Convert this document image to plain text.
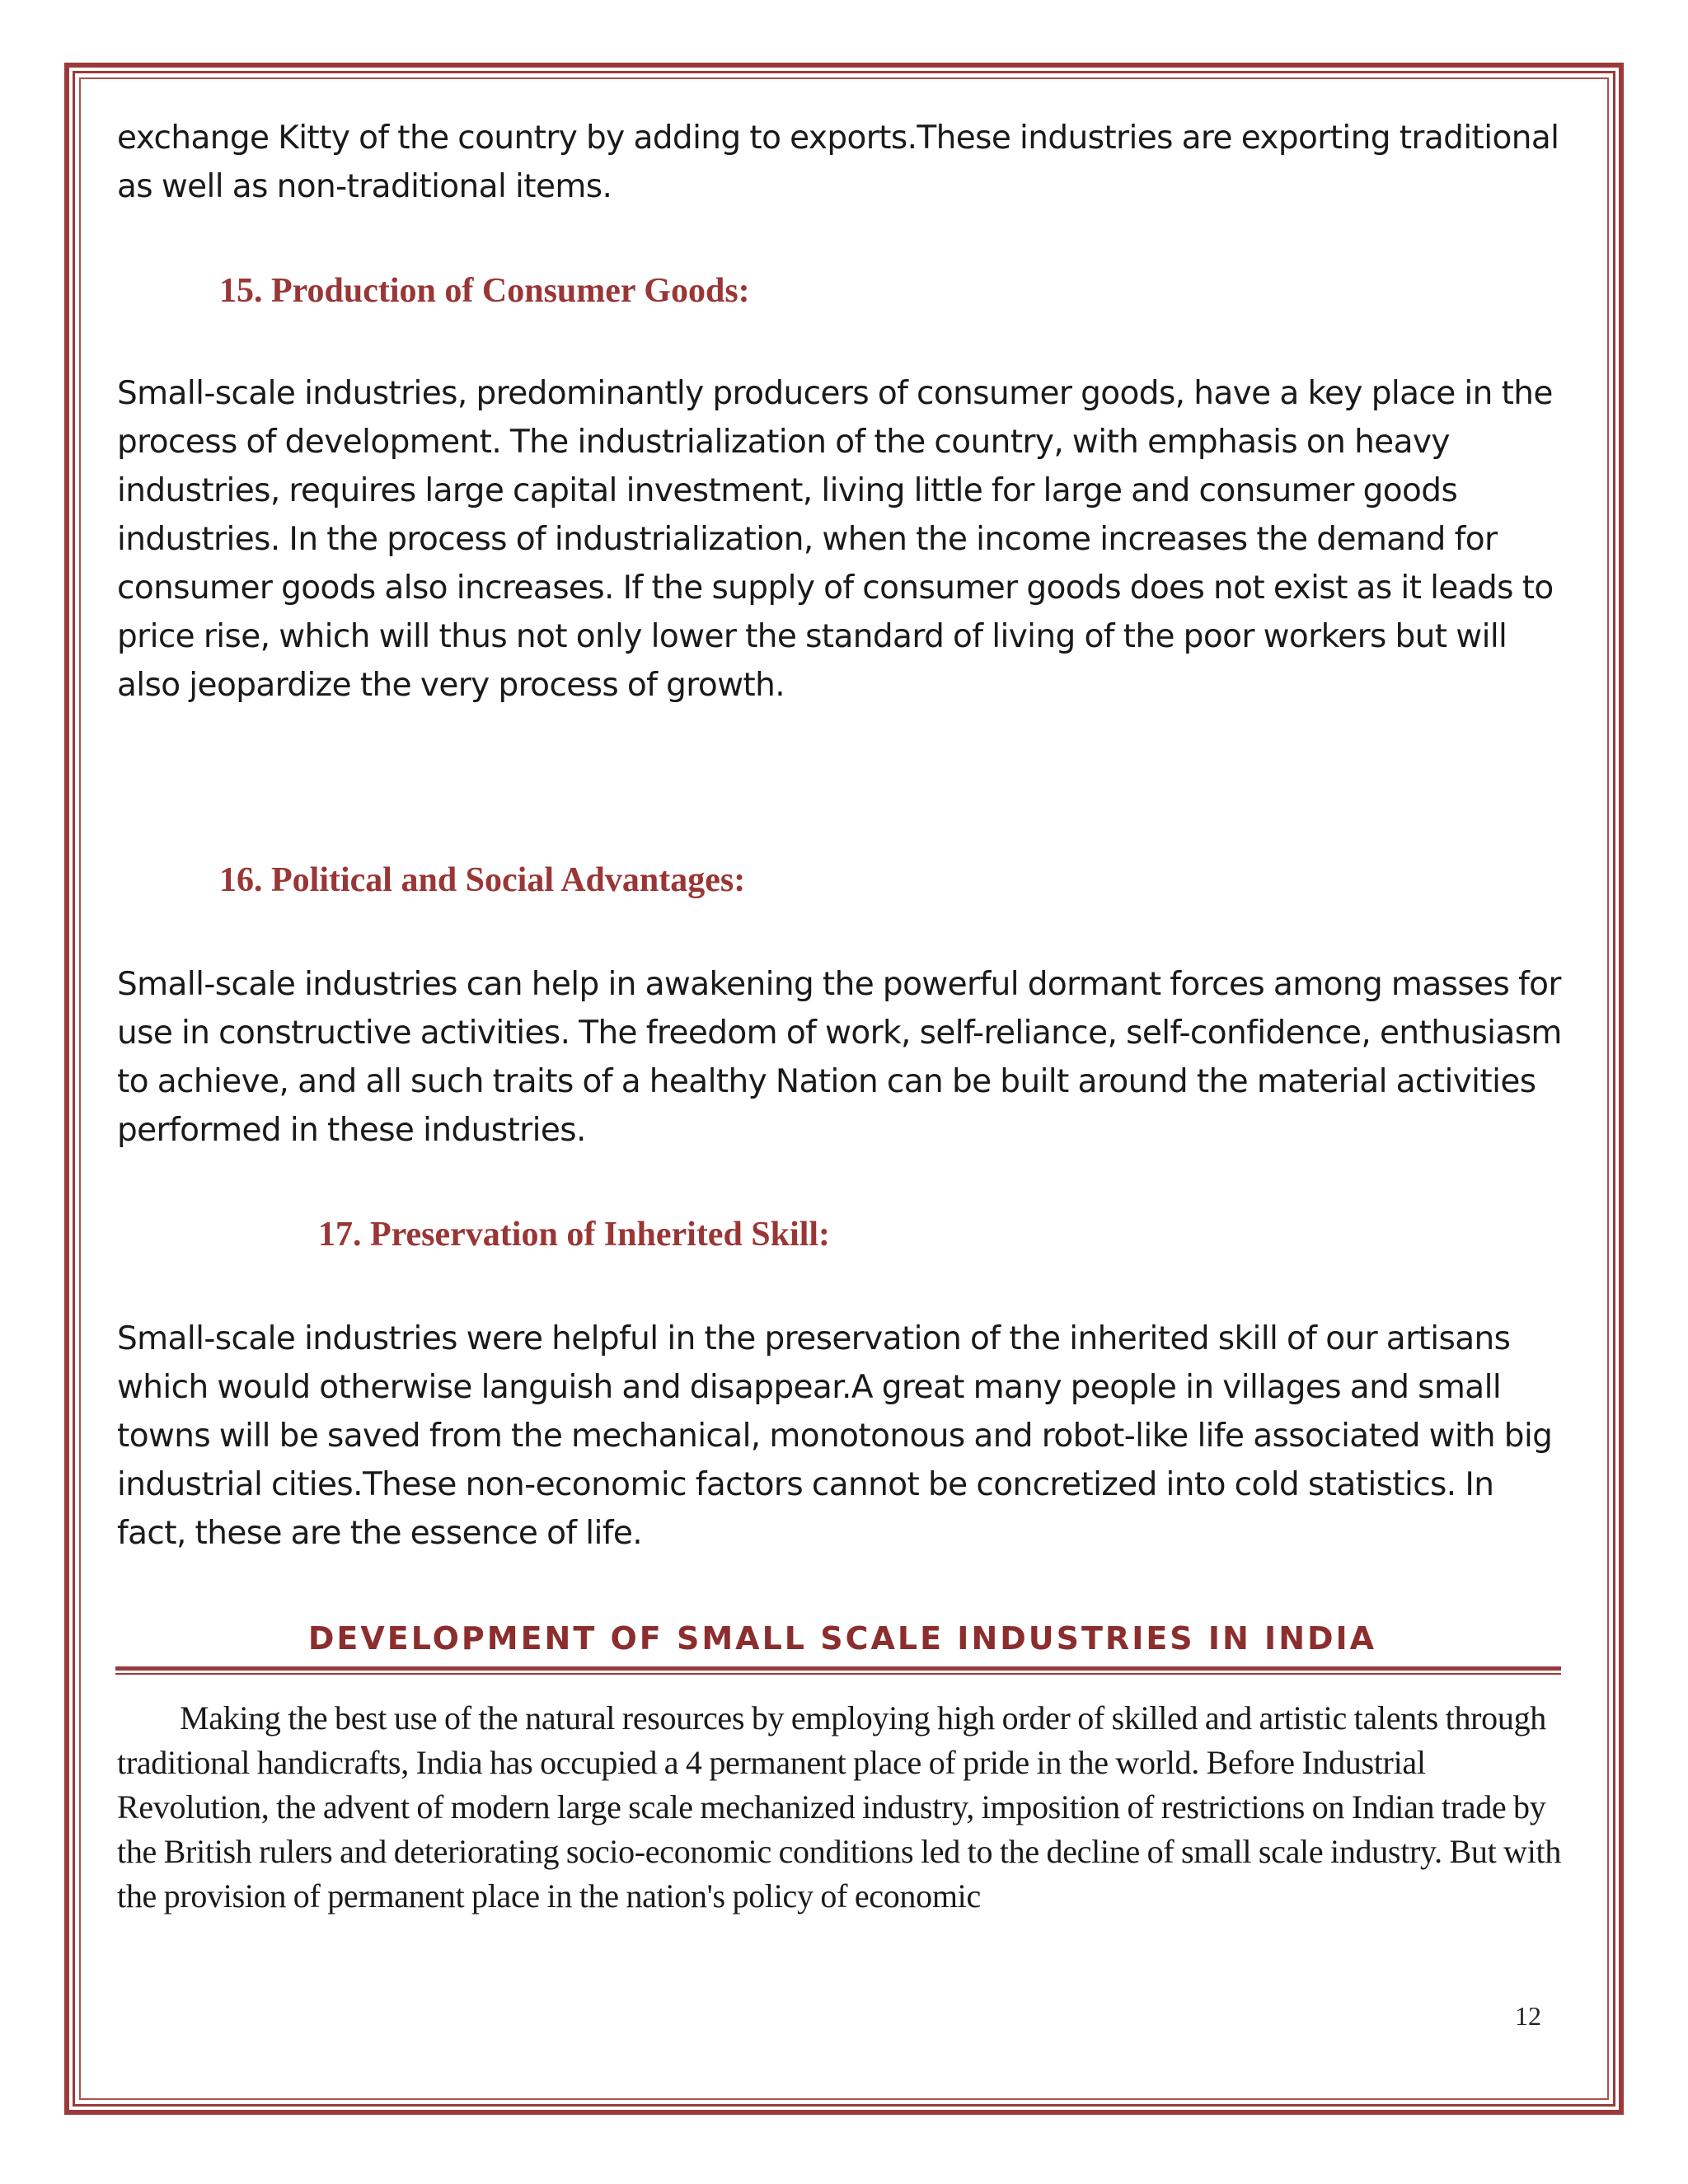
exchange Kitty of the country by adding to exports.These industries are exporting traditional as well as non-traditional items.

15. Production of Consumer Goods:

Small-scale industries, predominantly producers of consumer goods, have a key place in the process of development. The industrialization of the country, with emphasis on heavy industries, requires large capital investment, living little for large and consumer goods industries. In the process of industrialization, when the income increases the demand for consumer goods also increases. If the supply of consumer goods does not exist as it leads to price rise, which will thus not only lower the standard of living of the poor workers but will also jeopardize the very process of growth.

16. Political and Social Advantages:

Small-scale industries can help in awakening the powerful dormant forces among masses for use in constructive activities. The freedom of work, self-reliance, self-confidence, enthusiasm to achieve, and all such traits of a healthy Nation can be built around the material activities performed in these industries.

17. Preservation of Inherited Skill:

Small-scale industries were helpful in the preservation of the inherited skill of our artisans which would otherwise languish and disappear.A great many people in villages and small towns will be saved from the mechanical, monotonous and robot-like life associated with big industrial cities.These non-economic factors cannot be concretized into cold statistics. In fact, these are the essence of life.

DEVELOPMENT OF SMALL SCALE INDUSTRIES IN INDIA

Making the best use of the natural resources by employing high order of skilled and artistic talents through traditional handicrafts, India has occupied a 4 permanent place of pride in the world. Before Industrial Revolution, the advent of modern large scale mechanized industry, imposition of restrictions on Indian trade by the British rulers and deteriorating socio-economic conditions led to the decline of small scale industry. But with the provision of permanent place in the nation's policy of economic

12
